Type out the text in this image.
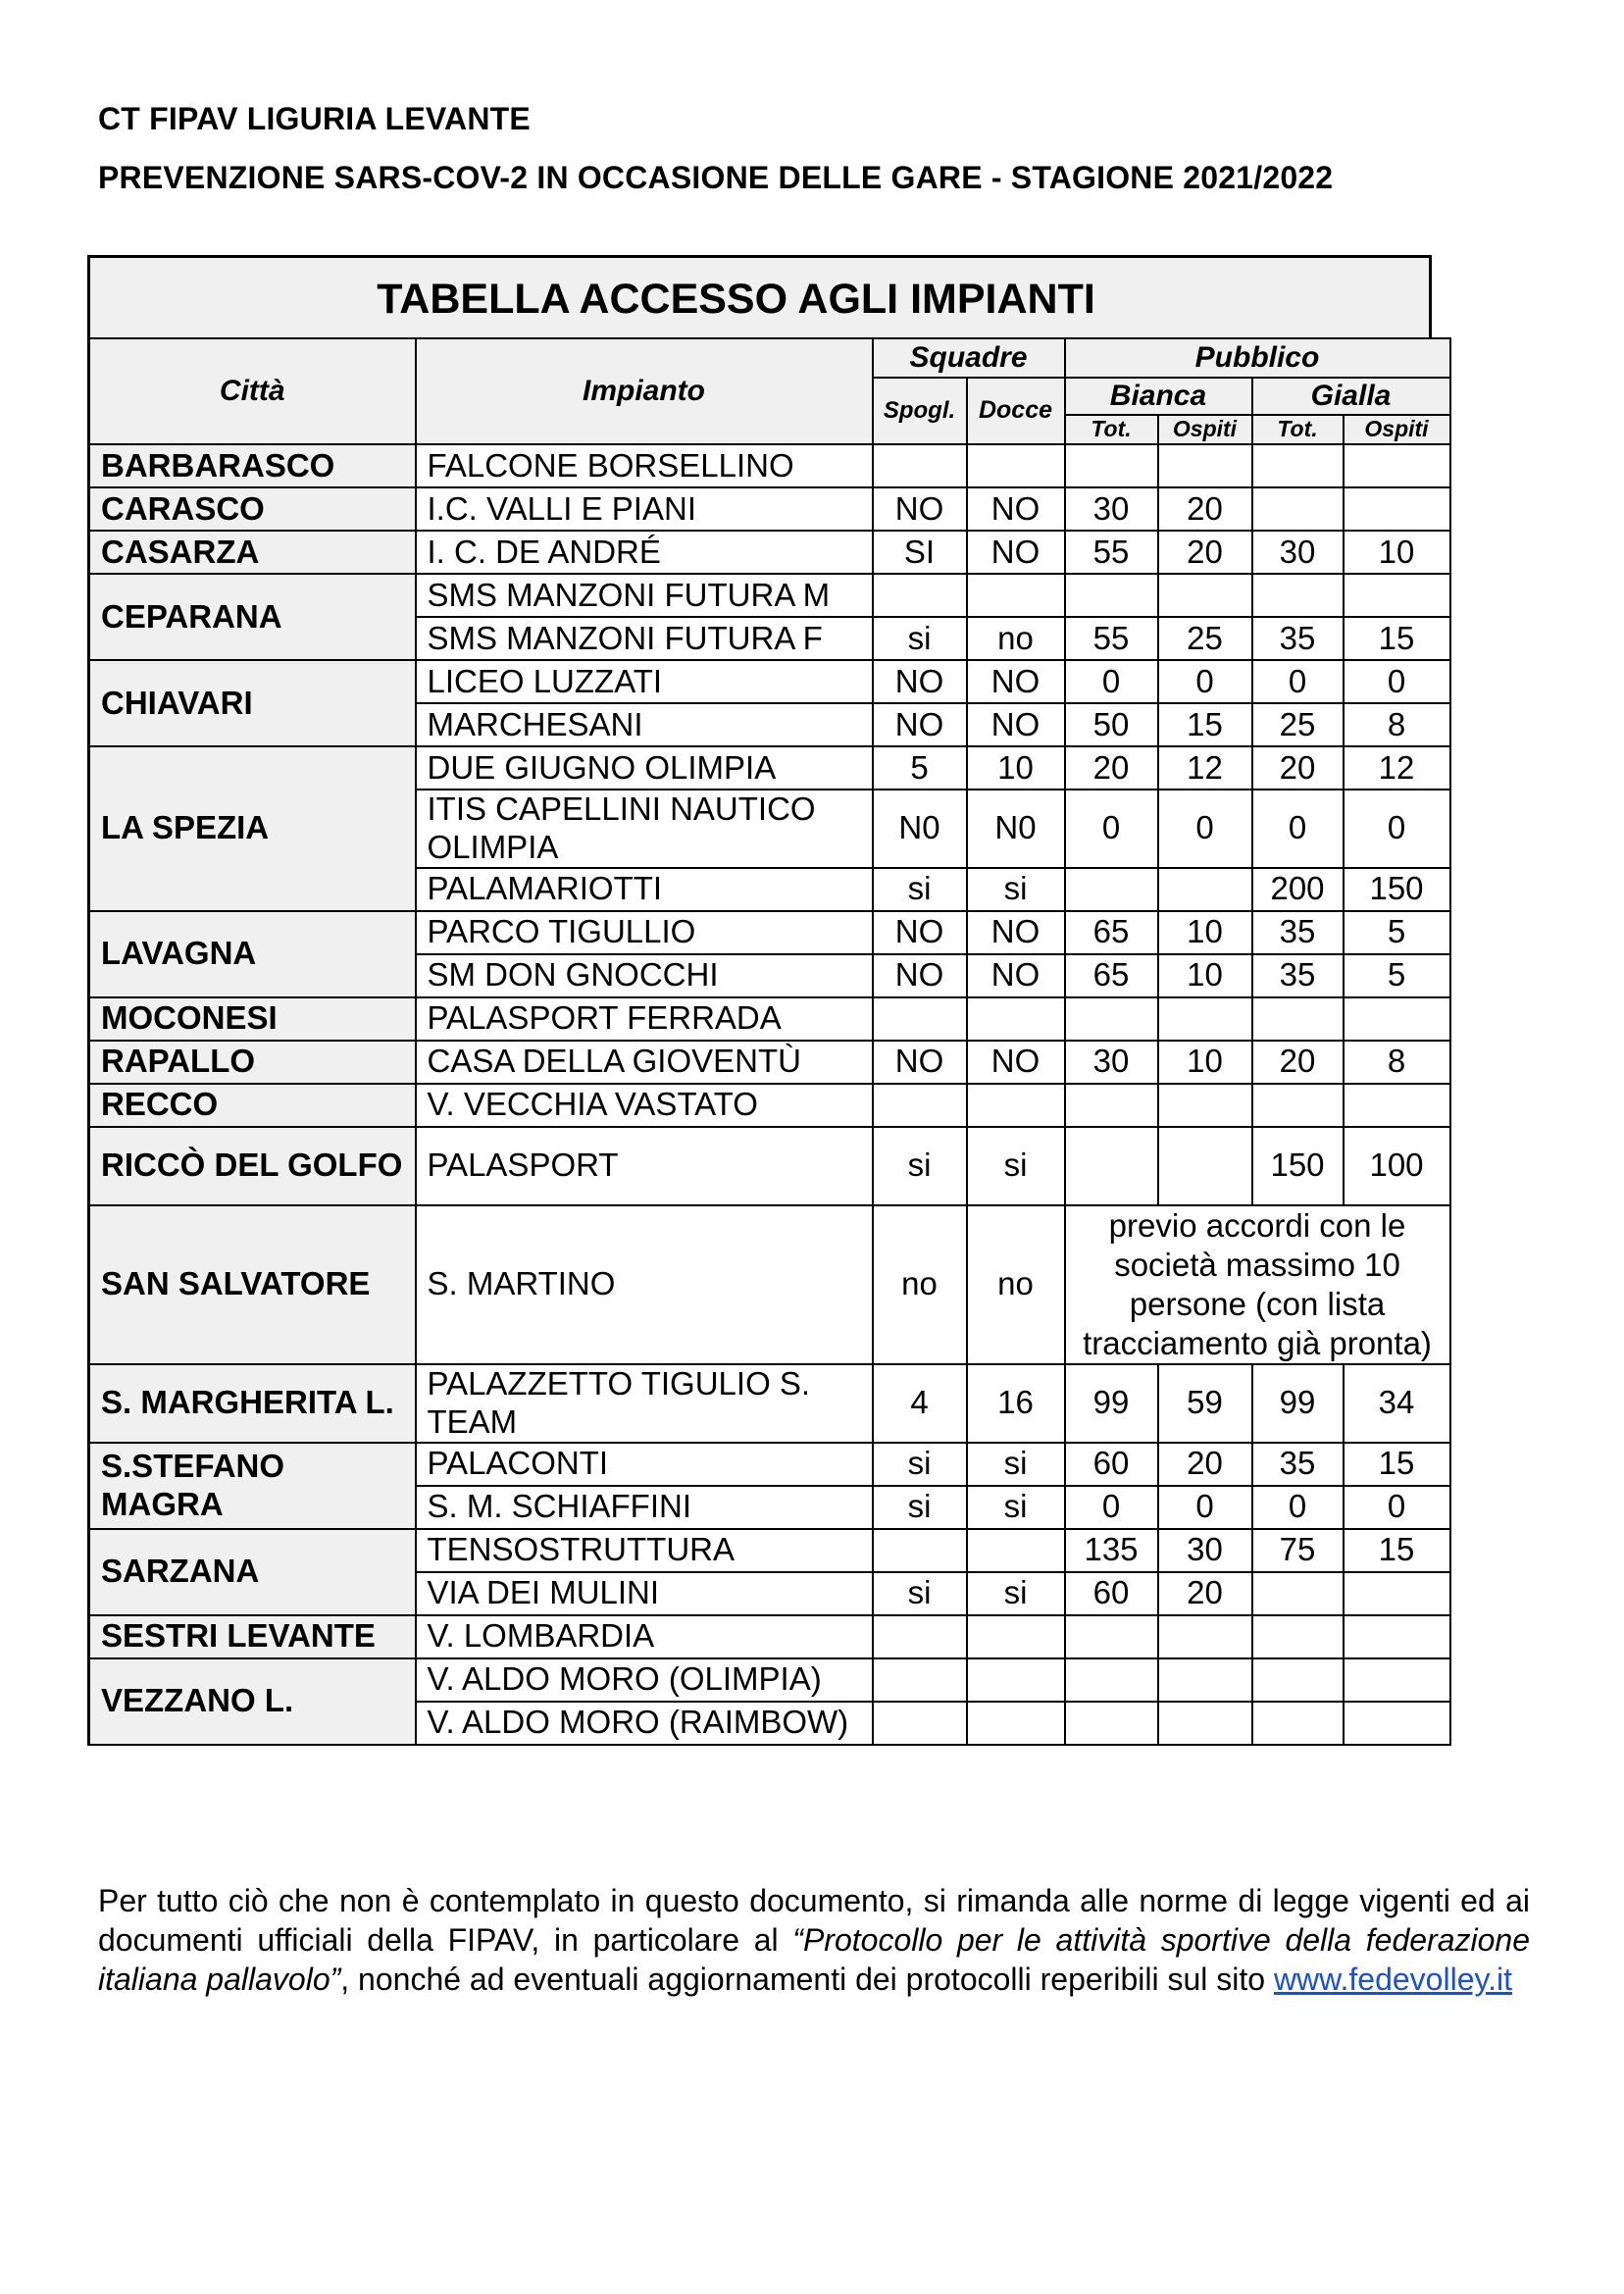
CT FIPAV LIGURIA LEVANTE
PREVENZIONE SARS-COV-2 IN OCCASIONE DELLE GARE - STAGIONE 2021/2022
TABELLA ACCESSO AGLI IMPIANTI
Città	Impianto	Squadre		Pubblico			
		Spogl.	Docce	Bianca		Gialla	
				Tot.	Ospiti	Tot.	Ospiti
BARBARASCO	FALCONE BORSELLINO						
CARASCO	I.C. VALLI E PIANI	NO	NO	30	20		
CASARZA	I. C. DE ANDRÉ	SI	NO	55	20	30	10
CEPARANA	SMS MANZONI FUTURA M						
	SMS MANZONI FUTURA F	si	no	55	25	35	15
CHIAVARI	LICEO LUZZATI	NO	NO	0	0	0	0
	MARCHESANI	NO	NO	50	15	25	8
LA SPEZIA	DUE GIUGNO OLIMPIA	5	10	20	12	20	12
	ITIS CAPELLINI NAUTICO OLIMPIA	N0	N0	0	0	0	0
	PALAMARIOTTI	si	si			200	150
LAVAGNA	PARCO TIGULLIO	NO	NO	65	10	35	5
	SM DON GNOCCHI	NO	NO	65	10	35	5
MOCONESI	PALASPORT FERRADA						
RAPALLO	CASA DELLA GIOVENTÙ	NO	NO	30	10	20	8
RECCO	V. VECCHIA VASTATO						
RICCÒ DEL GOLFO	PALASPORT	si	si			150	100
SAN SALVATORE	S. MARTINO	no	no	previo accordi con le società massimo 10 persone (con lista tracciamento già pronta)			
S. MARGHERITA L.	PALAZZETTO TIGULIO S. TEAM	4	16	99	59	99	34
S.STEFANO MAGRA	PALACONTI	si	si	60	20	35	15
	S. M. SCHIAFFINI	si	si	0	0	0	0
SARZANA	TENSOSTRUTTURA			135	30	75	15
	VIA DEI MULINI	si	si	60	20		
SESTRI LEVANTE	V. LOMBARDIA						
VEZZANO L.	V. ALDO MORO (OLIMPIA)						
	V. ALDO MORO (RAIMBOW)						
Per tutto ciò che non è contemplato in questo documento, si rimanda alle norme di legge vigenti ed ai documenti ufficiali della FIPAV, in particolare al “Protocollo per le attività sportive della federazione italiana pallavolo”, nonché ad eventuali aggiornamenti dei protocolli reperibili sul sito www.fedevolley.it
